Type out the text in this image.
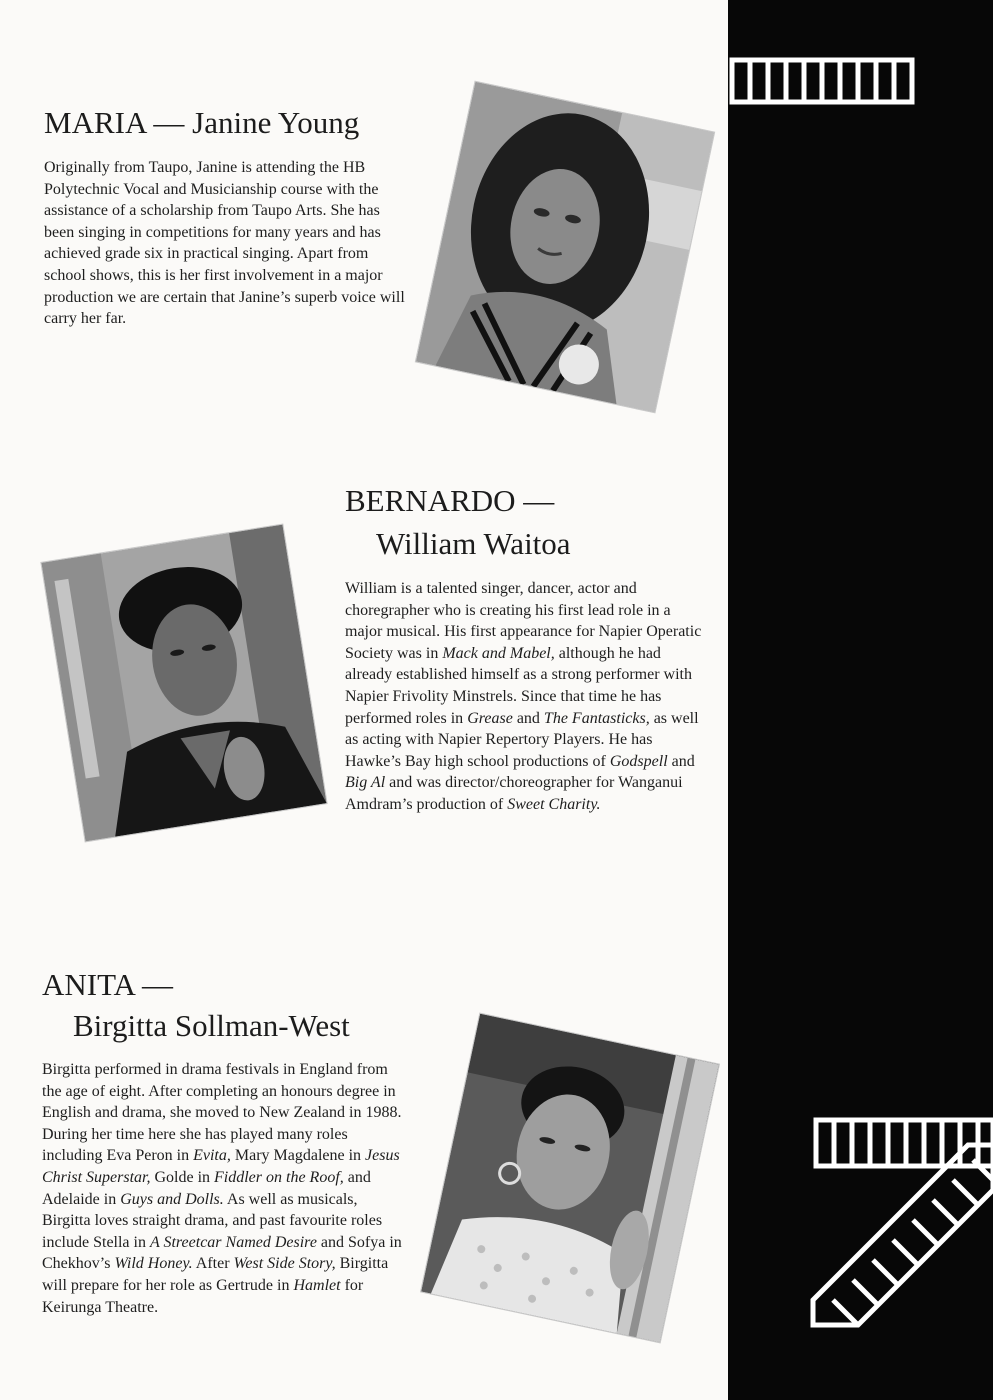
MARIA — Janine Young

Originally from Taupo, Janine is attending the HB Polytechnic Vocal and Musicianship course with the assistance of a scholarship from Taupo Arts. She has been singing in competitions for many years and has achieved grade six in practical singing. Apart from school shows, this is her first involvement in a major production we are certain that Janine’s superb voice will carry her far.

BERNARDO —
William Waitoa

William is a talented singer, dancer, actor and choregrapher who is creating his first lead role in a major musical. His first appearance for Napier Operatic Society was in Mack and Mabel, although he had already established himself as a strong performer with Napier Frivolity Minstrels. Since that time he has performed roles in Grease and The Fantasticks, as well as acting with Napier Repertory Players. He has Hawke’s Bay high school productions of Godspell and Big Al and was director/choreographer for Wanganui Amdram’s production of Sweet Charity.

ANITA —
Birgitta Sollman-West

Birgitta performed in drama festivals in England from the age of eight. After completing an honours degree in English and drama, she moved to New Zealand in 1988. During her time here she has played many roles including Eva Peron in Evita, Mary Magdalene in Jesus Christ Superstar, Golde in Fiddler on the Roof, and Adelaide in Guys and Dolls. As well as musicals, Birgitta loves straight drama, and past favourite roles include Stella in A Streetcar Named Desire and Sofya in Chekhov’s Wild Honey. After West Side Story, Birgitta will prepare for her role as Gertrude in Hamlet for Keirunga Theatre.
